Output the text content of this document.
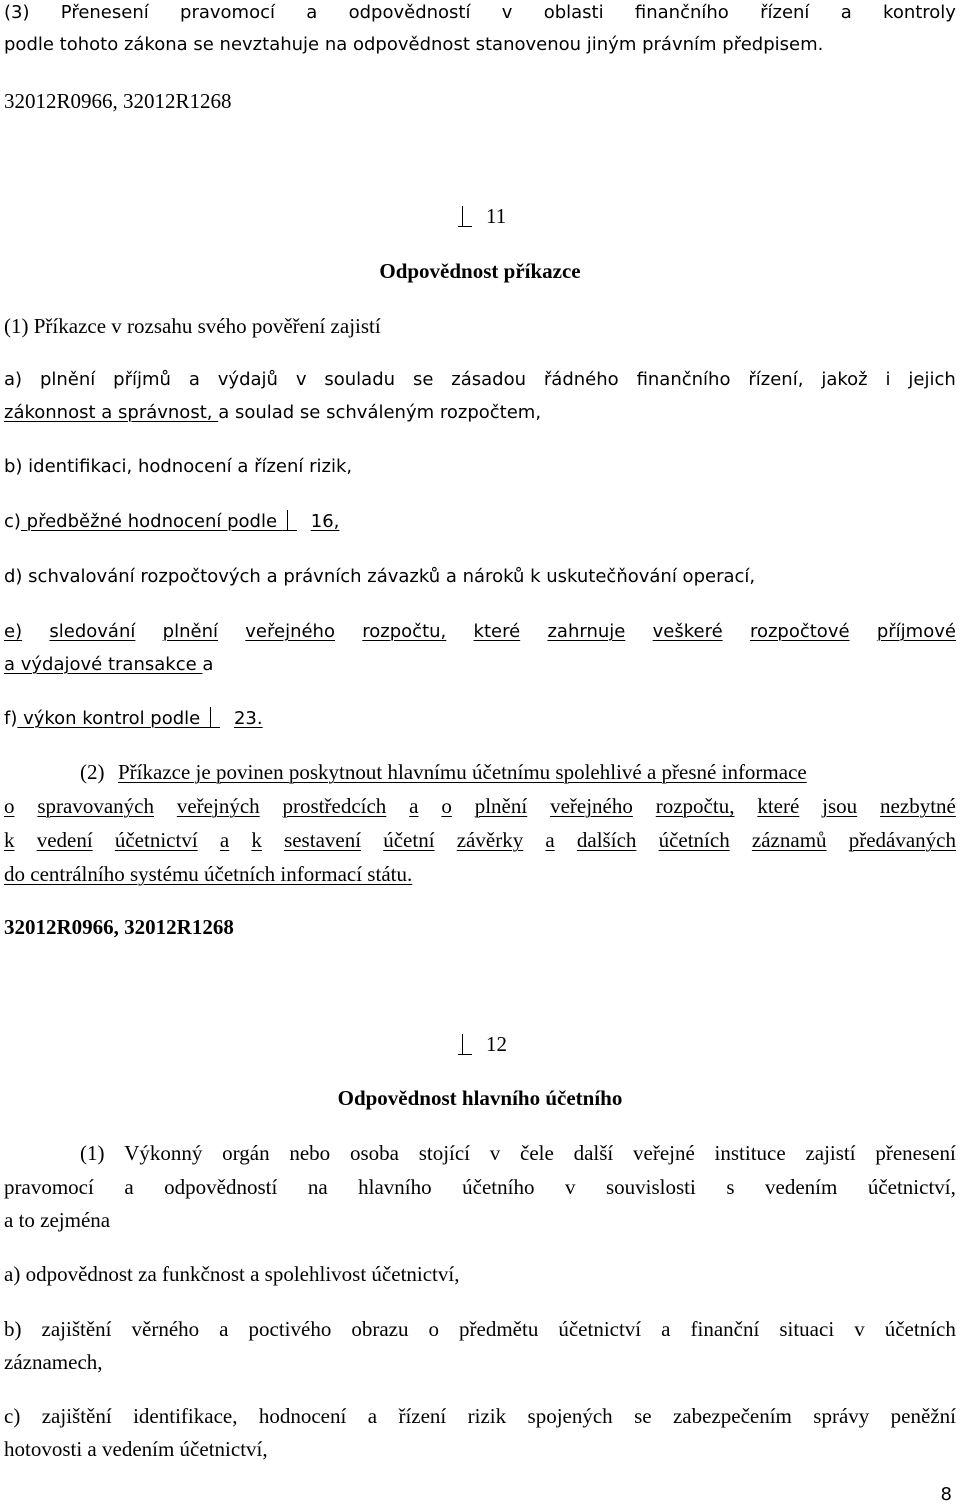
(3) Přenesení pravomocí a odpovědností v oblasti finančního řízení a kontroly
podle tohoto zákona se nevztahuje na odpovědnost stanovenou jiným právním předpisem.
32012R0966, 32012R1268
11
Odpovědnost příkazce
(1) Příkazce v rozsahu svého pověření zajistí
a) plnění příjmů a výdajů v souladu se zásadou řádného finančního řízení, jakož i jejich
zákonnost a správnost, a soulad se schváleným rozpočtem,
b) identifikaci, hodnocení a řízení rizik,
c) předběžné hodnocení podle 16,
d) schvalování rozpočtových a právních závazků a nároků k uskutečňování operací,
e) sledování plnění veřejného rozpočtu, které zahrnuje veškeré rozpočtové příjmové
a výdajové transakce a
f) výkon kontrol podle 23.
(2) Příkazce je povinen poskytnout hlavnímu účetnímu spolehlivé a přesné informace
o spravovaných veřejných prostředcích a o plnění veřejného rozpočtu, které jsou nezbytné
k vedení účetnictví a k sestavení účetní závěrky a dalších účetních záznamů předávaných
do centrálního systému účetních informací státu.
32012R0966, 32012R1268
12
Odpovědnost hlavního účetního
(1) Výkonný orgán nebo osoba stojící v čele další veřejné instituce zajistí přenesení
pravomocí a odpovědností na hlavního účetního v souvislosti s vedením účetnictví,
a to zejména
a) odpovědnost za funkčnost a spolehlivost účetnictví,
b) zajištění věrného a poctivého obrazu o předmětu účetnictví a finanční situaci v účetních
záznamech,
c) zajištění identifikace, hodnocení a řízení rizik spojených se zabezpečením správy peněžní
hotovosti a vedením účetnictví,
8
